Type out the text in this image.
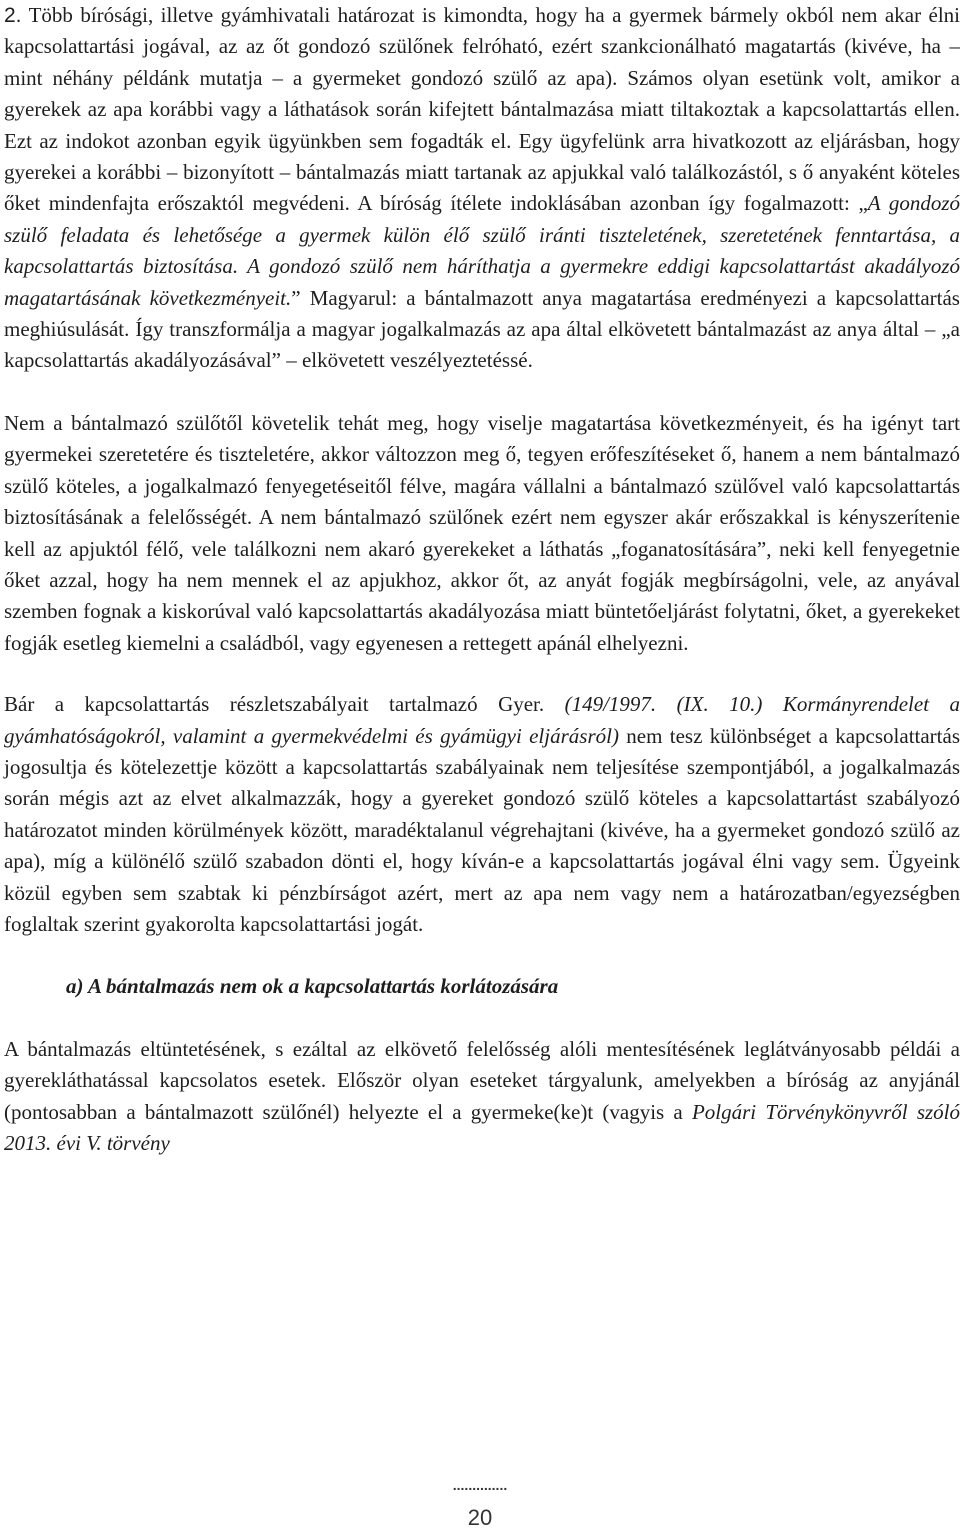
2. Több bírósági, illetve gyámhivatali határozat is kimondta, hogy ha a gyermek bármely okból nem akar élni kapcsolattartási jogával, az az őt gondozó szülőnek felróható, ezért szankcionálható magatartás (kivéve, ha – mint néhány példánk mutatja – a gyermeket gondozó szülő az apa). Számos olyan esetünk volt, amikor a gyerekek az apa korábbi vagy a láthatások során kifejtett bántalmazása miatt tiltakoztak a kapcsolattartás ellen. Ezt az indokot azonban egyik ügyünkben sem fogadták el. Egy ügyfelünk arra hivatkozott az eljárásban, hogy gyerekei a korábbi – bizonyított – bántalmazás miatt tartanak az apjukkal való találkozástól, s ő anyaként köteles őket mindenfajta erőszaktól megvédeni. A bíróság ítélete indoklásában azonban így fogalmazott: „A gondozó szülő feladata és lehetősége a gyermek külön élő szülő iránti tiszteletének, szeretetének fenntartása, a kapcsolattartás biztosítása. A gondozó szülő nem háríthatja a gyermekre eddigi kapcsolattartást akadályozó magatartásának következményeit.” Magyarul: a bántalmazott anya magatartása eredményezi a kapcsolattartás meghiúsulását. Így transzformálja a magyar jogalkalmazás az apa által elkövetett bántalmazást az anya által – „a kapcsolattartás akadályozásával” – elkövetett veszélyeztetéssé.

Nem a bántalmazó szülőtől követelik tehát meg, hogy viselje magatartása következményeit, és ha igényt tart gyermekei szeretetére és tiszteletére, akkor változzon meg ő, tegyen erőfeszítéseket ő, hanem a nem bántalmazó szülő köteles, a jogalkalmazó fenyegetéseitől félve, magára vállalni a bántalmazó szülővel való kapcsolattartás biztosításának a felelősségét. A nem bántalmazó szülőnek ezért nem egyszer akár erőszakkal is kényszerítenie kell az apjuktól félő, vele találkozni nem akaró gyerekeket a láthatás „foganatosítására”, neki kell fenyegetnie őket azzal, hogy ha nem mennek el az apjukhoz, akkor őt, az anyát fogják megbírságolni, vele, az anyával szemben fognak a kiskorúval való kapcsolattartás akadályozása miatt büntetőeljárást folytatni, őket, a gyerekeket fogják esetleg kiemelni a családból, vagy egyenesen a rettegett apánál elhelyezni.

Bár a kapcsolattartás részletszabályait tartalmazó Gyer. (149/1997. (IX. 10.) Kormányrendelet a gyámhatóságokról, valamint a gyermekvédelmi és gyámügyi eljárásról) nem tesz különbséget a kapcsolattartás jogosultja és kötelezettje között a kapcsolattartás szabályainak nem teljesítése szempontjából, a jogalkalmazás során mégis azt az elvet alkalmazzák, hogy a gyereket gondozó szülő köteles a kapcsolattartást szabályozó határozatot minden körülmények között, maradéktalanul végrehajtani (kivéve, ha a gyermeket gondozó szülő az apa), míg a különélő szülő szabadon dönti el, hogy kíván-e a kapcsolattartás jogával élni vagy sem. Ügyeink közül egyben sem szabtak ki pénzbírságot azért, mert az apa nem vagy nem a határozatban/egyezségben foglaltak szerint gyakorolta kapcsolattartási jogát.

a) A bántalmazás nem ok a kapcsolattartás korlátozására

A bántalmazás eltüntetésének, s ezáltal az elkövető felelősség alóli mentesítésének leglátványosabb példái a gyerekláthatással kapcsolatos esetek. Először olyan eseteket tárgyalunk, amelyekben a bíróság az anyjánál (pontosabban a bántalmazott szülőnél) helyezte el a gyermeke(ke)t (vagyis a Polgári Törvénykönyvről szóló 2013. évi V. törvény

..............
20
